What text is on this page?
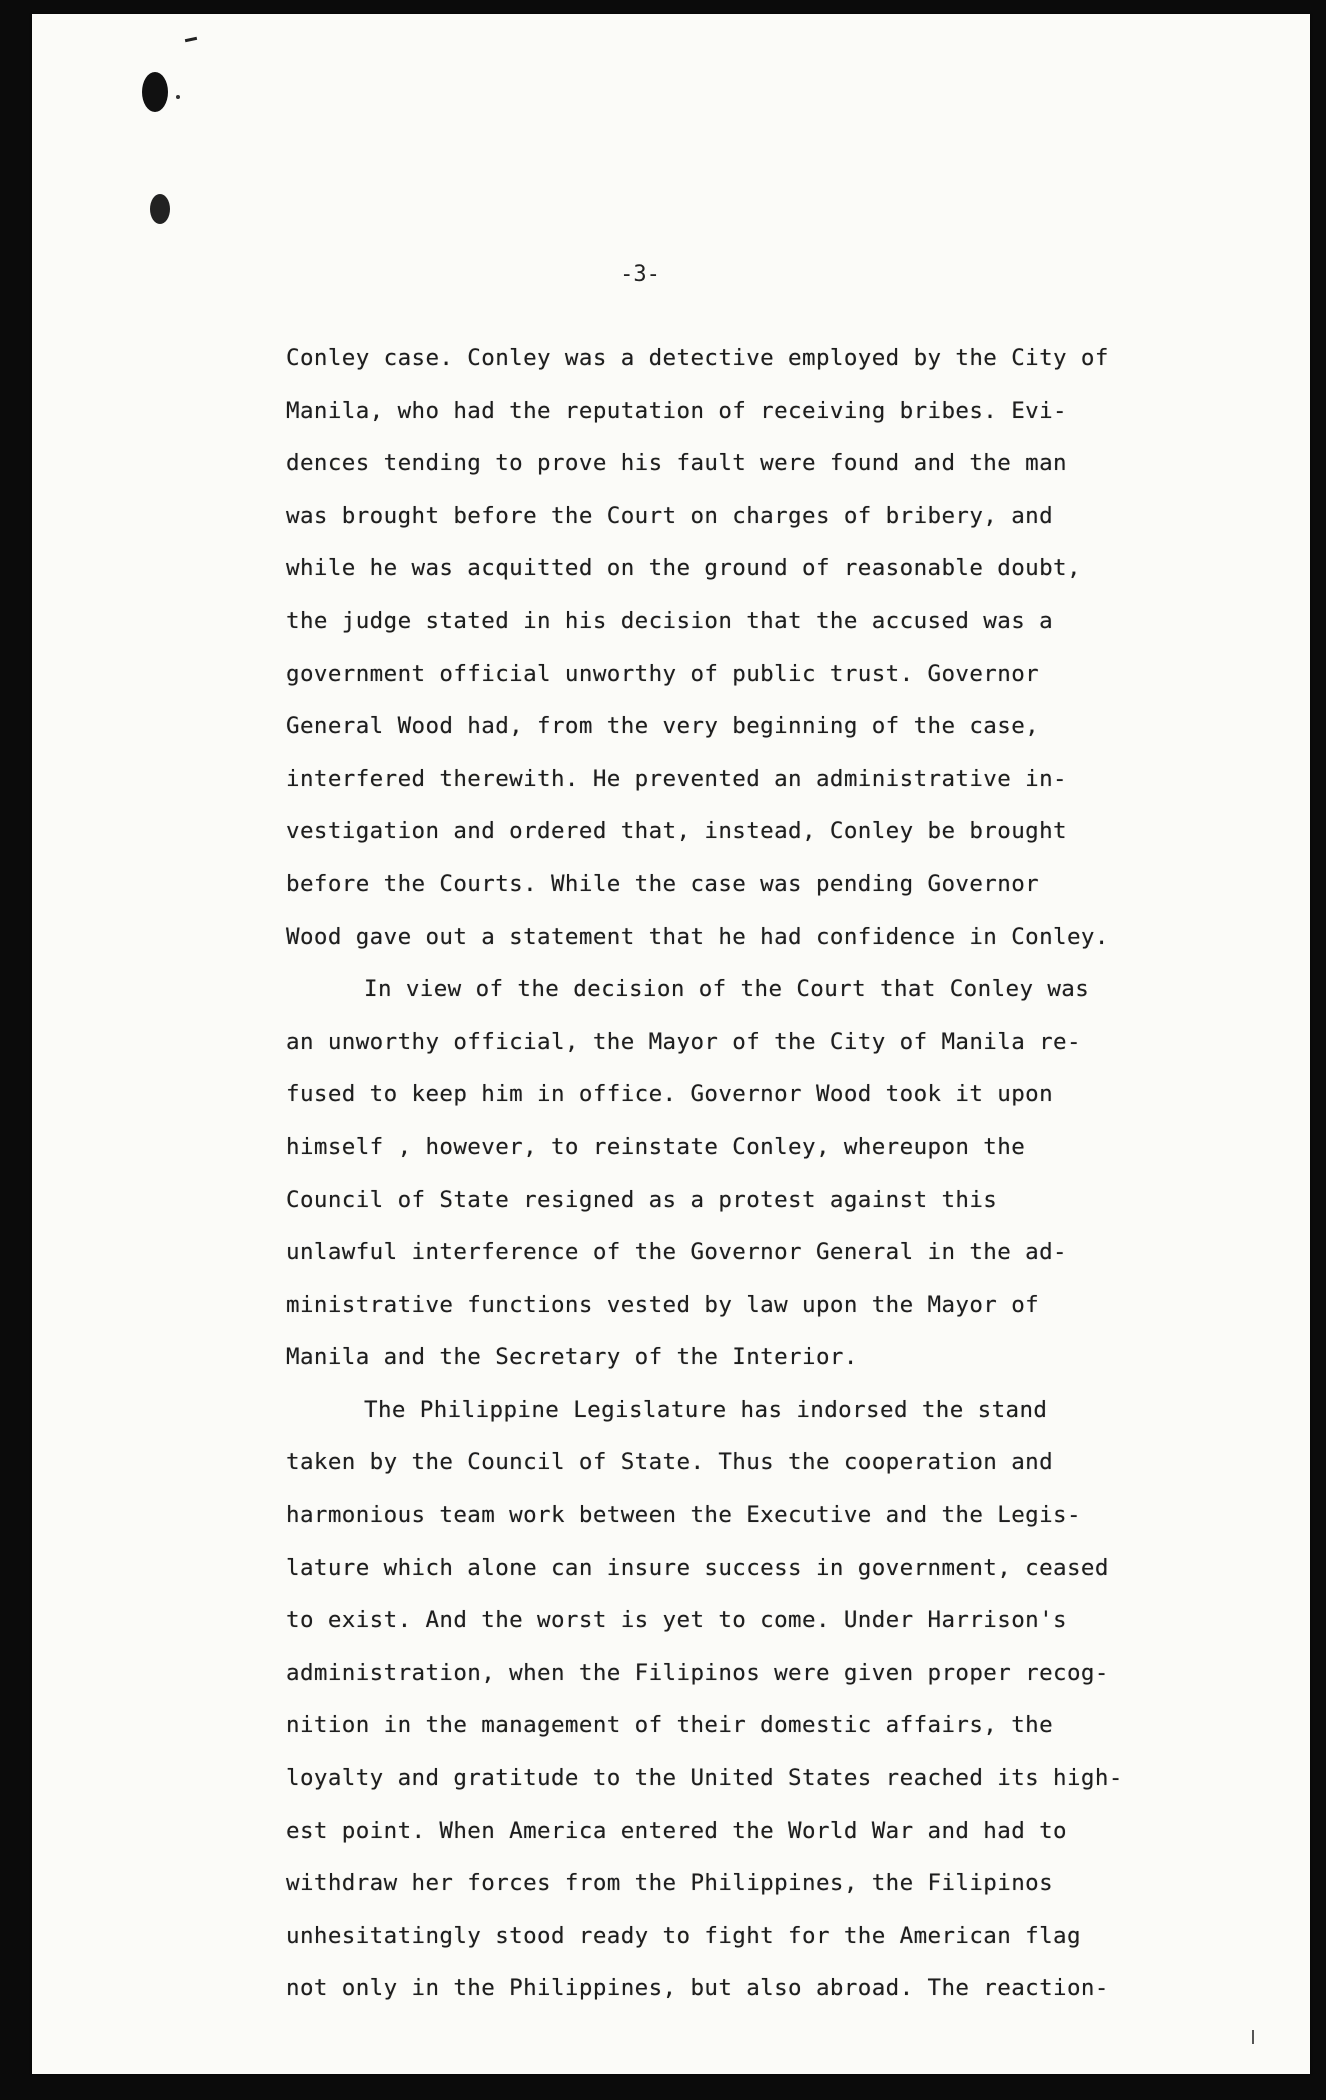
-3-
Conley case. Conley was a detective employed by the City of
Manila, who had the reputation of receiving bribes. Evi-
dences tending to prove his fault were found and the man
was brought before the Court on charges of bribery, and
while he was acquitted on the ground of reasonable doubt,
the judge stated in his decision that the accused was a
government official unworthy of public trust. Governor
General Wood had, from the very beginning of the case,
interfered therewith. He prevented an administrative in-
vestigation and ordered that, instead, Conley be brought
before the Courts. While the case was pending Governor
Wood gave out a statement that he had confidence in Conley.
In view of the decision of the Court that Conley was
an unworthy official, the Mayor of the City of Manila re-
fused to keep him in office. Governor Wood took it upon
himself , however, to reinstate Conley, whereupon the
Council of State resigned as a protest against this
unlawful interference of the Governor General in the ad-
ministrative functions vested by law upon the Mayor of
Manila and the Secretary of the Interior.
The Philippine Legislature has indorsed the stand
taken by the Council of State. Thus the cooperation and
harmonious team work between the Executive and the Legis-
lature which alone can insure success in government, ceased
to exist. And the worst is yet to come. Under Harrison's
administration, when the Filipinos were given proper recog-
nition in the management of their domestic affairs, the
loyalty and gratitude to the United States reached its high-
est point. When America entered the World War and had to
withdraw her forces from the Philippines, the Filipinos
unhesitatingly stood ready to fight for the American flag
not only in the Philippines, but also abroad. The reaction-
